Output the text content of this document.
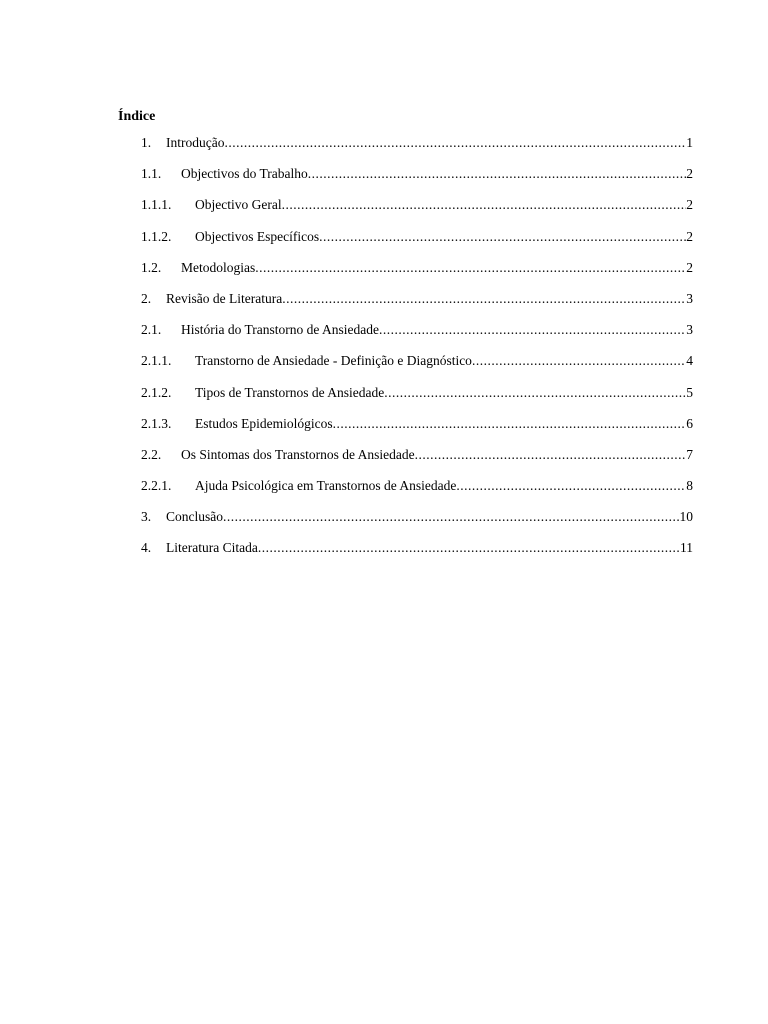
Índice
1. Introdução .....	1
1.1. Objectivos do Trabalho .....	2
1.1.1. Objectivo Geral .....	2
1.1.2. Objectivos Específicos .....	2
1.2. Metodologias .....	2
2. Revisão de Literatura .....	3
2.1. História do Transtorno de Ansiedade .....	3
2.1.1. Transtorno de Ansiedade - Definição e Diagnóstico .....	4
2.1.2. Tipos de Transtornos de Ansiedade .....	5
2.1.3. Estudos Epidemiológicos .....	6
2.2. Os Sintomas dos Transtornos de Ansiedade .....	7
2.2.1. Ajuda Psicológica em Transtornos de Ansiedade .....	8
3. Conclusão .....	10
4. Literatura Citada .....	11
